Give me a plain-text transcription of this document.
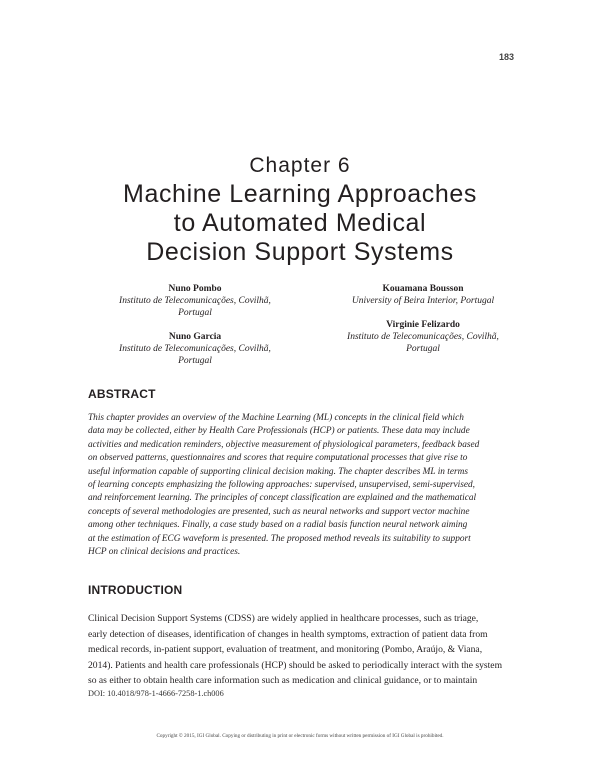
183
Chapter 6
Machine Learning Approaches
to Automated Medical
Decision Support Systems
Nuno Pombo
Instituto de Telecomunicações, Covilhã,
Portugal
Nuno Garcia
Instituto de Telecomunicações, Covilhã,
Portugal
Kouamana Bousson
University of Beira Interior, Portugal
Virginie Felizardo
Instituto de Telecomunicações, Covilhã,
Portugal
ABSTRACT
This chapter provides an overview of the Machine Learning (ML) concepts in the clinical field which
data may be collected, either by Health Care Professionals (HCP) or patients. These data may include
activities and medication reminders, objective measurement of physiological parameters, feedback based
on observed patterns, questionnaires and scores that require computational processes that give rise to
useful information capable of supporting clinical decision making. The chapter describes ML in terms
of learning concepts emphasizing the following approaches: supervised, unsupervised, semi-supervised,
and reinforcement learning. The principles of concept classification are explained and the mathematical
concepts of several methodologies are presented, such as neural networks and support vector machine
among other techniques. Finally, a case study based on a radial basis function neural network aiming
at the estimation of ECG waveform is presented. The proposed method reveals its suitability to support
HCP on clinical decisions and practices.
INTRODUCTION
Clinical Decision Support Systems (CDSS) are widely applied in healthcare processes, such as triage,
early detection of diseases, identification of changes in health symptoms, extraction of patient data from
medical records, in-patient support, evaluation of treatment, and monitoring (Pombo, Araújo, & Viana,
2014). Patients and health care professionals (HCP) should be asked to periodically interact with the system
so as either to obtain health care information such as medication and clinical guidance, or to maintain
DOI: 10.4018/978-1-4666-7258-1.ch006
Copyright © 2015, IGI Global. Copying or distributing in print or electronic forms without written permission of IGI Global is prohibited.
